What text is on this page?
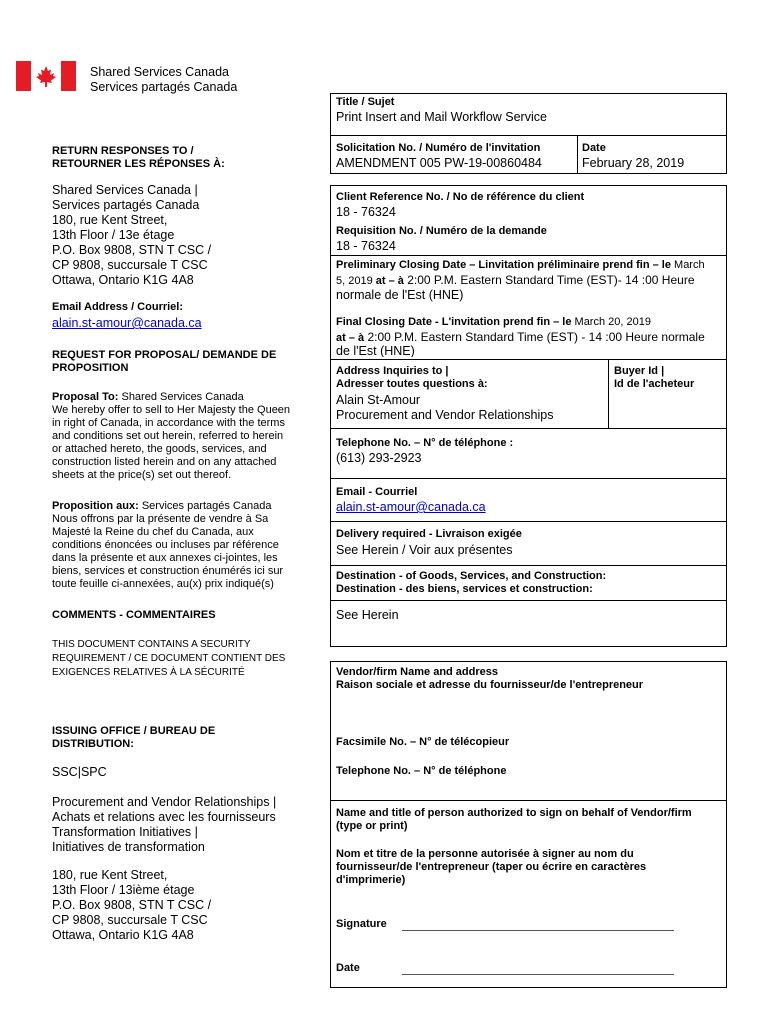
Shared Services Canada
Services partagés Canada
RETURN RESPONSES TO /
RETOURNER LES RÉPONSES À:
Shared Services Canada |
Services partagés Canada
180, rue Kent Street,
13th Floor / 13e étage
P.O. Box 9808, STN T CSC /
CP 9808, succursale T CSC
Ottawa, Ontario K1G 4A8
Email Address / Courriel:
alain.st-amour@canada.ca
REQUEST FOR PROPOSAL/ DEMANDE DE
PROPOSITION
Proposal To: Shared Services Canada
We hereby offer to sell to Her Majesty the Queen
in right of Canada, in accordance with the terms
and conditions set out herein, referred to herein
or attached hereto, the goods, services, and
construction listed herein and on any attached
sheets at the price(s) set out thereof.
Proposition aux: Services partagés Canada
Nous offrons par la présente de vendre à Sa
Majesté la Reine du chef du Canada, aux
conditions énoncées ou incluses par référence
dans la présente et aux annexes ci-jointes, les
biens, services et construction énumérés ici sur
toute feuille ci-annexées, au(x) prix indiqué(s)
COMMENTS - COMMENTAIRES
THIS DOCUMENT CONTAINS A SECURITY
REQUIREMENT / CE DOCUMENT CONTIENT DES
EXIGENCES RELATIVES À LA SÉCURITÉ
ISSUING OFFICE / BUREAU DE
DISTRIBUTION:
SSC|SPC
Procurement and Vendor Relationships |
Achats et relations avec les fournisseurs
Transformation Initiatives |
Initiatives de transformation
180, rue Kent Street,
13th Floor / 13ième étage
P.O. Box 9808, STN T CSC /
CP 9808, succursale T CSC
Ottawa, Ontario K1G 4A8
Title / Sujet
Print Insert and Mail Workflow Service
Solicitation No. / Numéro de l'invitation
AMENDMENT 005 PW-19-00860484
Date
February 28, 2019
Client Reference No. / No de référence du client
18 - 76324
Requisition No. / Numéro de la demande
18 - 76324
Preliminary Closing Date – Linvitation préliminaire prend fin – le March
5, 2019 at – à 2:00 P.M. Eastern Standard Time (EST)- 14 :00 Heure
normale de l'Est (HNE)
Final Closing Date - L'invitation prend fin – le March 20, 2019
at – à 2:00 P.M. Eastern Standard Time (EST) - 14 :00 Heure normale
de l'Est (HNE)
Address Inquiries to |
Adresser toutes questions à:
Alain St-Amour
Procurement and Vendor Relationships
Buyer Id |
Id de l'acheteur
Telephone No. – N° de téléphone :
(613) 293-2923
Email - Courriel
alain.st-amour@canada.ca
Delivery required - Livraison exigée
See Herein / Voir aux présentes
Destination - of Goods, Services, and Construction:
Destination - des biens, services et construction:
See Herein
Vendor/firm Name and address
Raison sociale et adresse du fournisseur/de l'entrepreneur
Facsimile No. – N° de télécopieur
Telephone No. – N° de téléphone
Name and title of person authorized to sign on behalf of Vendor/firm
(type or print)
Nom et titre de la personne autorisée à signer au nom du
fournisseur/de l'entrepreneur (taper ou écrire en caractères
d'imprimerie)
Signature
Date
